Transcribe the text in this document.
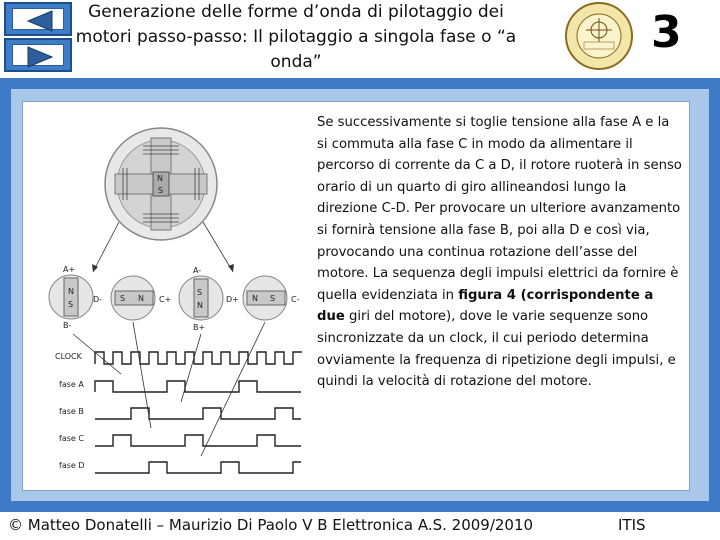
Generazione delle forme d’onda di pilotaggio dei motori passo-passo: Il pilotaggio a singola fase o “a onda”
3
N
S
N
S
A+
B-
D- S N C+
S
N
A-
B+
D+ N S C-
CLOCK
fase A
fase B
fase C
fase D
Se successivamente si toglie tensione alla fase A e la si commuta alla fase C in modo da alimentare il percorso di corrente da C a D, il rotore ruoterà in senso orario di un quarto di giro allineandosi lungo la direzione C-D. Per provocare un ulteriore avanzamento si fornirà tensione alla fase B, poi alla D e così via, provocando una continua rotazione dell’asse del motore. La sequenza degli impulsi elettrici da fornire è quella evidenziata in figura 4 (corrispondente a due giri del motore), dove le varie sequenze sono sincronizzate da un clock, il cui periodo determina ovviamente la frequenza di ripetizione degli impulsi, e quindi la velocità di rotazione del motore.
© Matteo Donatelli – Maurizio Di Paolo V B Elettronica A.S. 2009/2010	ITIS
